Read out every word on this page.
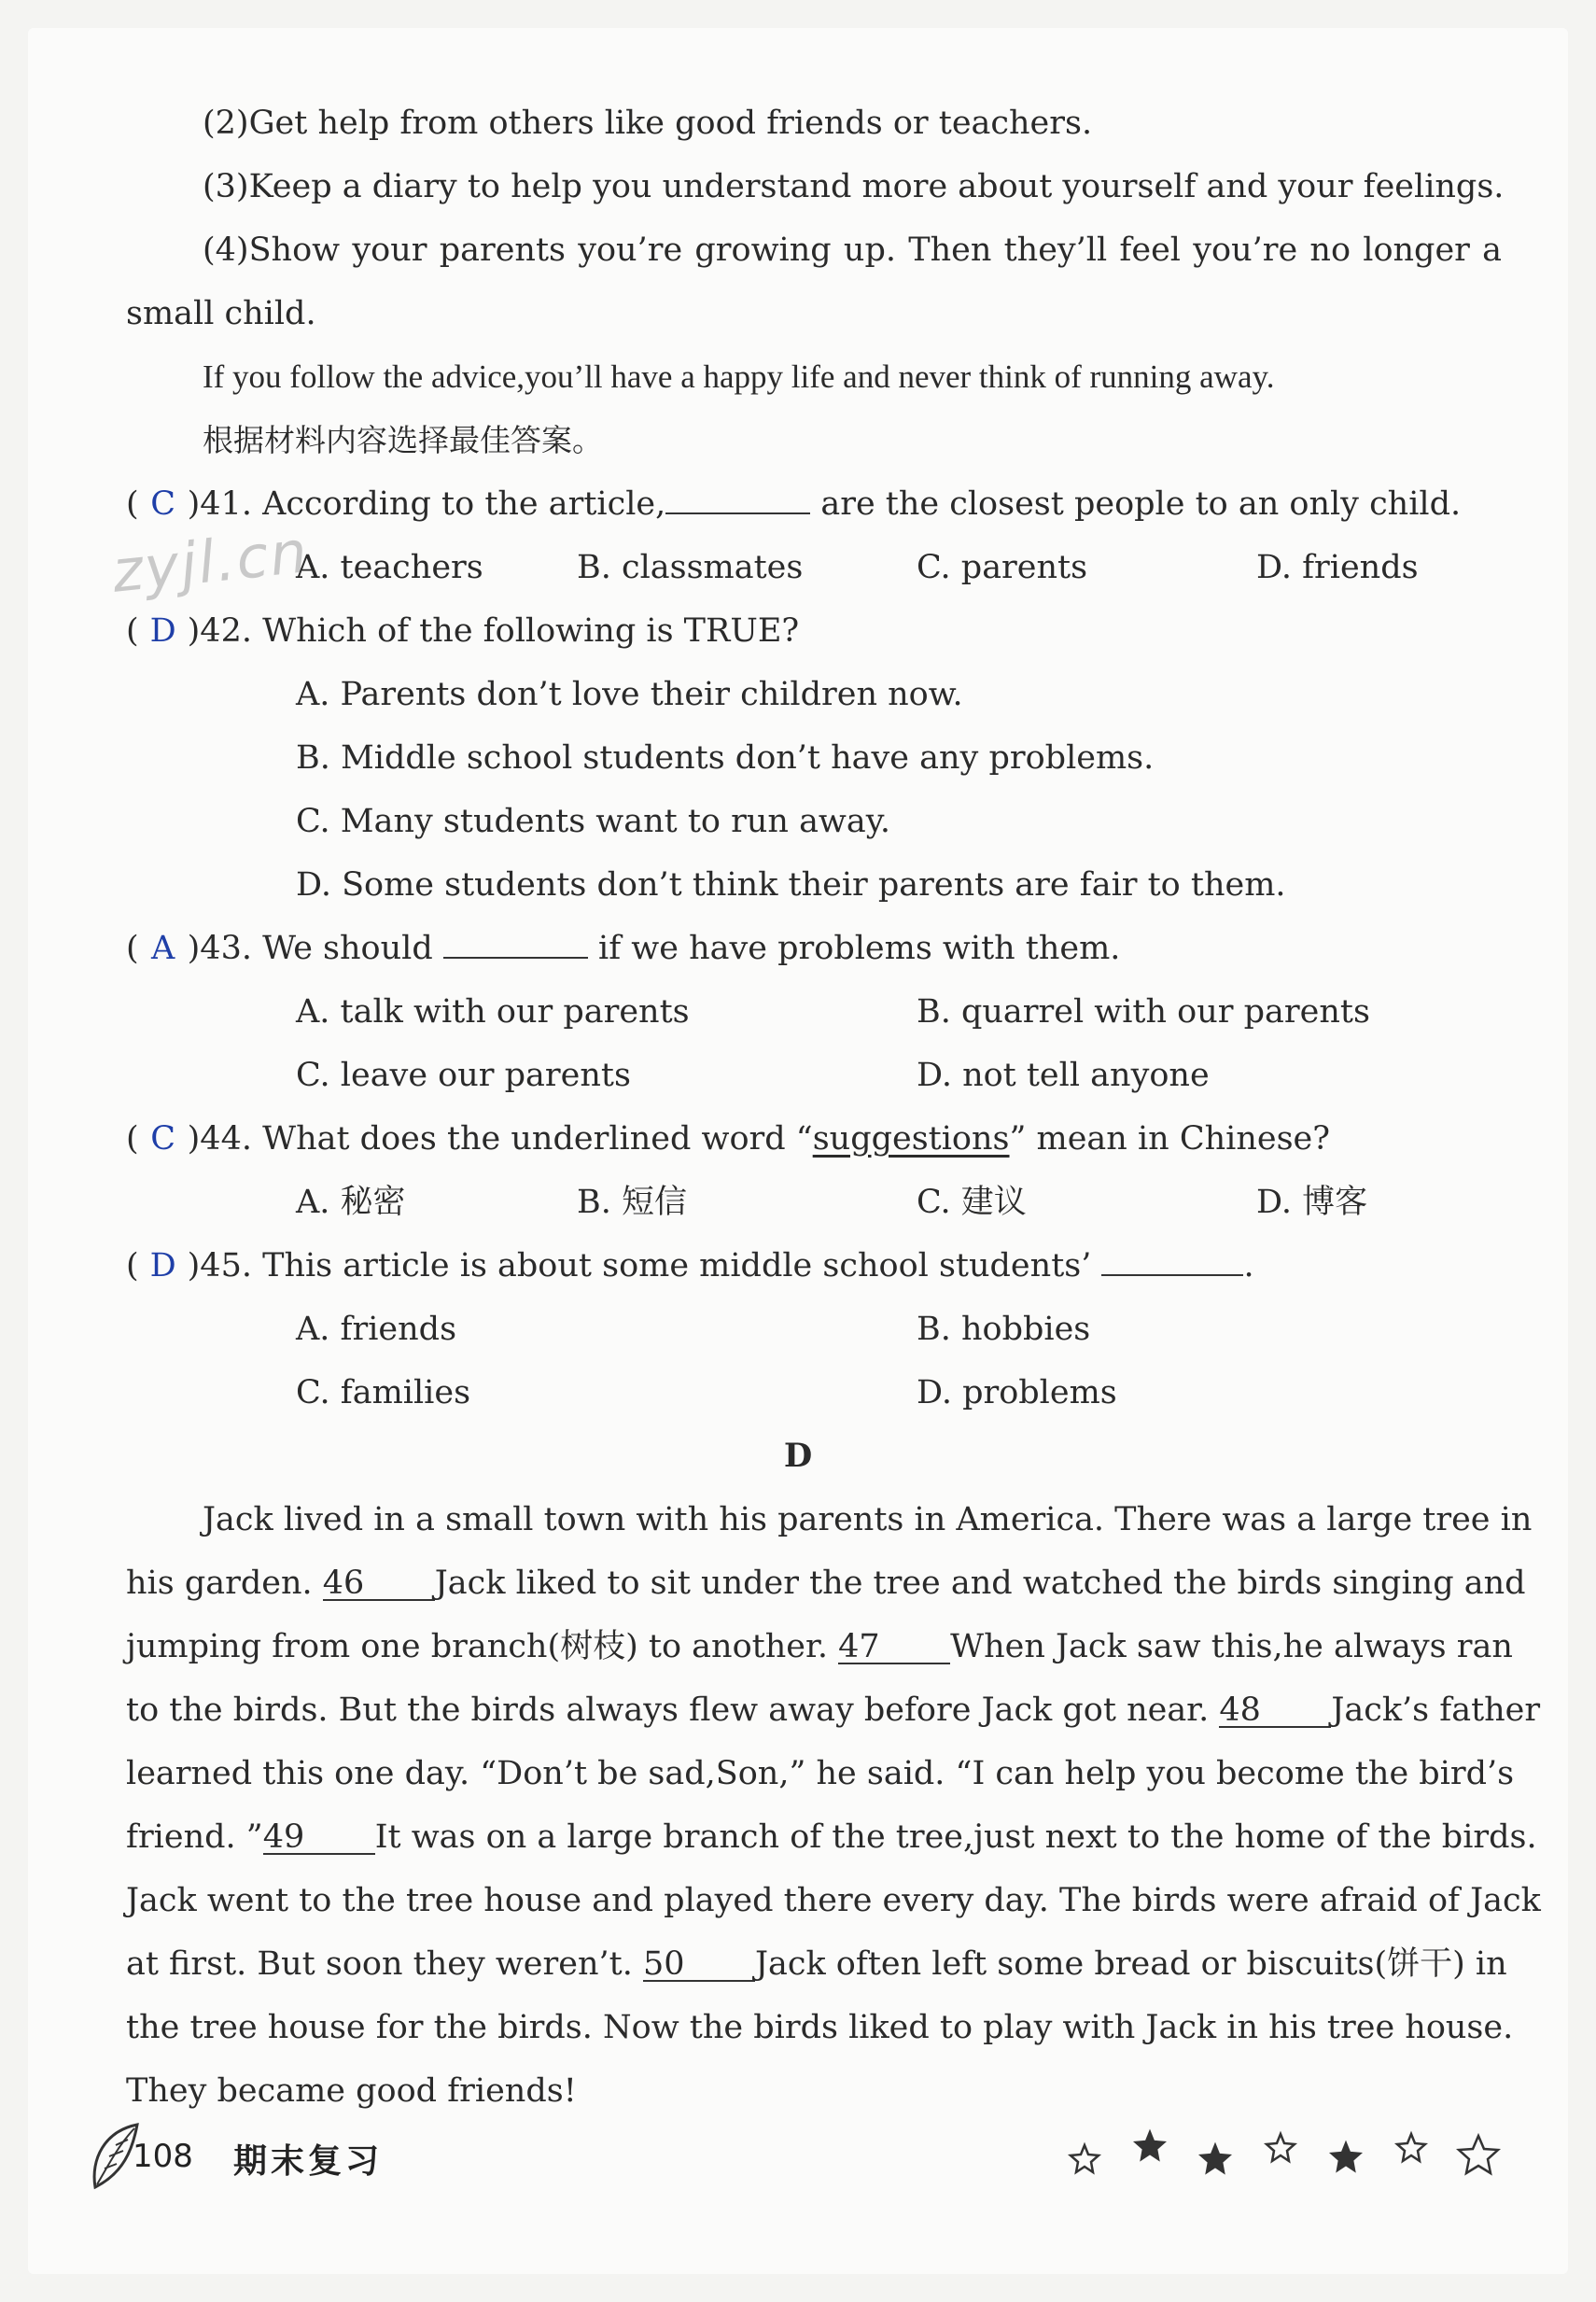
zyjl.cn
(2)Get help from others like good friends or teachers.
(3)Keep a diary to help you understand more about yourself and your feelings.
(4)Show your parents you’re growing up. Then they’ll feel you’re no longer a
small child.
If you follow the advice,you’ll have a happy life and never think of running away.
根据材料内容选择最佳答案。
( C )41. According to the article,	are the closest people to an only child.
A. teachers	B. classmates	C. parents	D. friends
( D )42. Which of the following is TRUE?
A. Parents don’t love their children now.
B. Middle school students don’t have any problems.
C. Many students want to run away.
D. Some students don’t think their parents are fair to them.
( A )43. We should	if we have problems with them.
A. talk with our parents	B. quarrel with our parents
C. leave our parents	D. not tell anyone
( C )44. What does the underlined word “suggestions” mean in Chinese?
A. 秘密	B. 短信	C. 建议	D. 博客
( D )45. This article is about some middle school students’	.
A. friends	B. hobbies
C. families	D. problems
D
Jack lived in a small town with his parents in America. There was a large tree in
his garden. 46 Jack liked to sit under the tree and watched the birds singing and
jumping from one branch(树枝) to another. 47 When Jack saw this,he always ran
to the birds. But the birds always flew away before Jack got near. 48 Jack’s father
learned this one day. “Don’t be sad,Son,” he said. “I can help you become the bird’s
friend. ”49 It was on a large branch of the tree,just next to the home of the birds.
Jack went to the tree house and played there every day. The birds were afraid of Jack
at first. But soon they weren’t. 50 Jack often left some bread or biscuits(饼干) in
the tree house for the birds. Now the birds liked to play with Jack in his tree house.
They became good friends!
108 期末复习
